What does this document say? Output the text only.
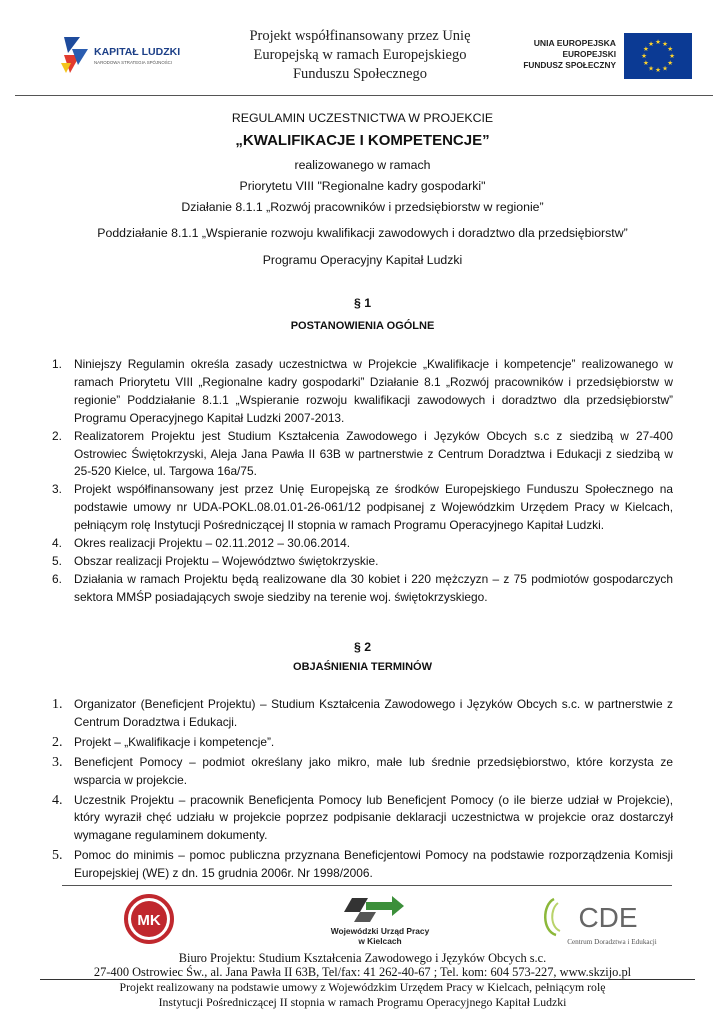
KAPITAŁ LUDZKI
NARODOWA STRATEGIA SPÓJNOŚCI
Projekt współfinansowany przez Unię
Europejską w ramach Europejskiego
Funduszu Społecznego
UNIA EUROPEJSKA
EUROPEJSKI
FUNDUSZ SPOŁECZNY
★ ★
★
★
★
★
★
★
★
★
★
★
REGULAMIN UCZESTNICTWA W PROJEKCIE
„KWALIFIKACJE I KOMPETENCJE”
realizowanego w ramach
Priorytetu VIII "Regionalne kadry gospodarki"
Działanie 8.1.1 „Rozwój pracowników i przedsiębiorstw w regionie”
Poddziałanie 8.1.1 „Wspieranie rozwoju kwalifikacji zawodowych i doradztwo dla przedsiębiorstw”
Programu Operacyjny Kapitał Ludzki
§ 1
POSTANOWIENIA OGÓLNE
1. Niniejszy Regulamin określa zasady uczestnictwa w Projekcie „Kwalifikacje i kompetencje” realizowanego w ramach Priorytetu VIII „Regionalne kadry gospodarki” Działanie 8.1 „Rozwój pracowników i przedsiębiorstw w regionie” Poddziałanie 8.1.1 „Wspieranie rozwoju kwalifikacji zawodowych i doradztwo dla przedsiębiorstw” Programu Operacyjnego Kapitał Ludzki 2007-2013.
2. Realizatorem Projektu jest Studium Kształcenia Zawodowego i Języków Obcych s.c z siedzibą w 27-400 Ostrowiec Świętokrzyski, Aleja Jana Pawła II 63B w partnerstwie z Centrum Doradztwa i Edukacji z siedzibą w 25-520 Kielce, ul. Targowa 16a/75.
3. Projekt współfinansowany jest przez Unię Europejską ze środków Europejskiego Funduszu Społecznego na podstawie umowy nr UDA-POKL.08.01.01-26-061/12 podpisanej z Wojewódzkim Urzędem Pracy w Kielcach, pełniącym rolę Instytucji Pośredniczącej II stopnia w ramach Programu Operacyjnego Kapitał Ludzki.
4. Okres realizacji Projektu – 02.11.2012 – 30.06.2014.
5. Obszar realizacji Projektu – Województwo świętokrzyskie.
6. Działania w ramach Projektu będą realizowane dla 30 kobiet i 220 mężczyzn – z 75 podmiotów gospodarczych sektora MMŚP posiadających swoje siedziby na terenie woj. świętokrzyskiego.
§ 2
OBJAŚNIENIA TERMINÓW
1. Organizator (Beneficjent Projektu) – Studium Kształcenia Zawodowego i Języków Obcych s.c. w partnerstwie z Centrum Doradztwa i Edukacji.
2. Projekt – „Kwalifikacje i kompetencje”.
3. Beneficjent Pomocy – podmiot określany jako mikro, małe lub średnie przedsiębiorstwo, które korzysta ze wsparcia w projekcie.
4. Uczestnik Projektu – pracownik Beneficjenta Pomocy lub Beneficjent Pomocy (o ile bierze udział w Projekcie), który wyraził chęć udziału w projekcie poprzez podpisanie deklaracji uczestnictwa w projekcie oraz dostarczył wymagane regulaminem dokumenty.
5. Pomoc do minimis – pomoc publiczna przyznana Beneficjentowi Pomocy na podstawie rozporządzenia Komisji Europejskiej (WE) z dn. 15 grudnia 2006r. Nr 1998/2006.
MK
Wojewódzki Urząd Pracy
w Kielcach
CDE
Centrum Doradztwa i Edukacji
Biuro Projektu: Studium Kształcenia Zawodowego i Języków Obcych s.c.
27-400 Ostrowiec Św., al. Jana Pawła II 63B, Tel/fax: 41 262-40-67 ; Tel. kom: 604 573-227, www.skzijo.pl
Projekt realizowany na podstawie umowy z Wojewódzkim Urzędem Pracy w Kielcach, pełniącym rolę
Instytucji Pośredniczącej II stopnia w ramach Programu Operacyjnego Kapitał Ludzki
